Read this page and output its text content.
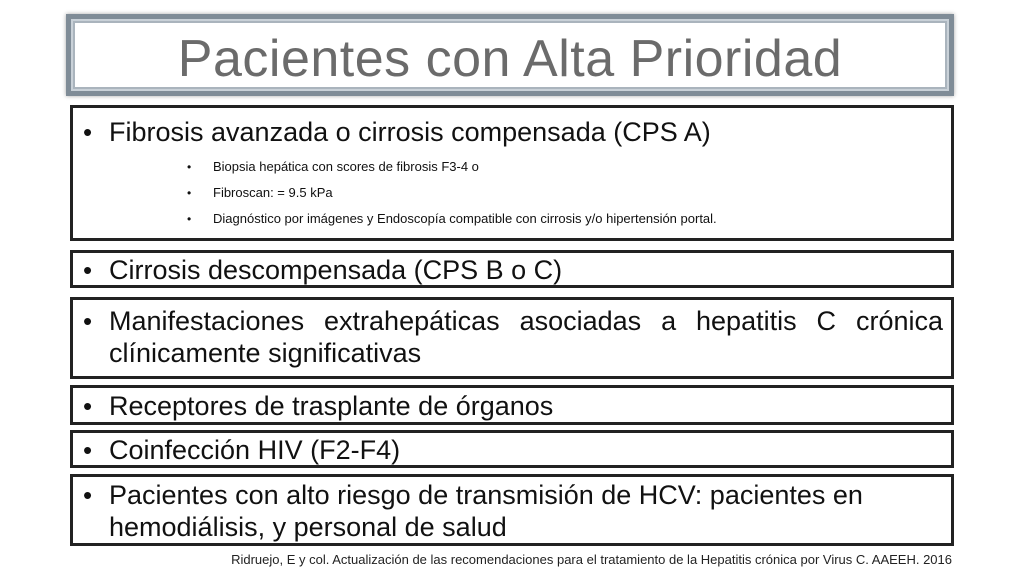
Pacientes con Alta Prioridad
• Fibrosis avanzada o cirrosis compensada (CPS A)
• Biopsia hepática con scores de fibrosis F3-4 o
• Fibroscan: = 9.5 kPa
• Diagnóstico por imágenes y Endoscopía compatible con cirrosis y/o hipertensión portal.
• Cirrosis descompensada (CPS B o C)
• Manifestaciones extrahepáticas asociadas a hepatitis C crónica clínicamente significativas
• Receptores de trasplante de órganos
• Coinfección HIV (F2-F4)
• Pacientes con alto riesgo de transmisión de HCV: pacientes en hemodiálisis, y personal de salud
Ridruejo, E y col. Actualización de las recomendaciones para el tratamiento de la Hepatitis crónica por Virus C. AAEEH. 2016
